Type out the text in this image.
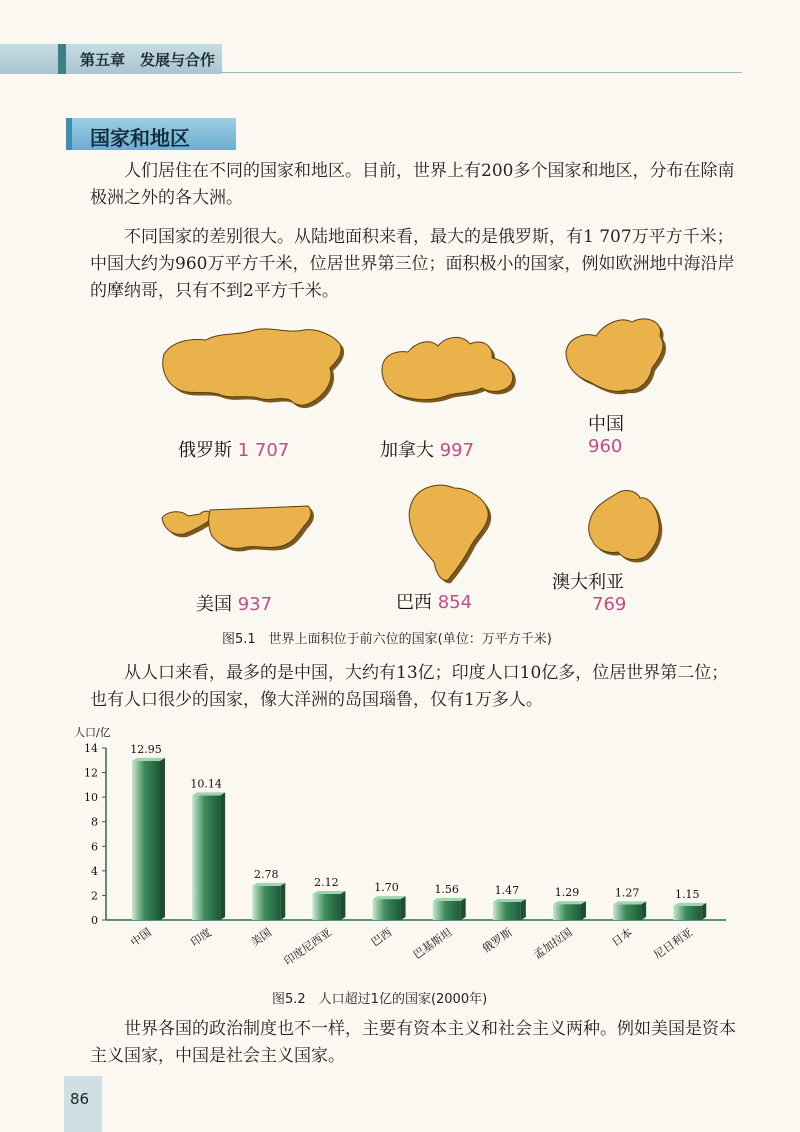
第五章　发展与合作
国家和地区
人们居住在不同的国家和地区。目前，世界上有200多个国家和地区，分布在除南极洲之外的各大洲。
不同国家的差别很大。从陆地面积来看，最大的是俄罗斯，有1 707万平方千米；中国大约为960万平方千米，位居世界第三位；面积极小的国家，例如欧洲地中海沿岸的摩纳哥，只有不到2平方千米。
俄罗斯 1 707	加拿大 997
中国
960
美国 937	巴西 854
澳大利亚
769
图5.1　世界上面积位于前六位的国家(单位：万平方千米)
从人口来看，最多的是中国，大约有13亿；印度人口10亿多，位居世界第二位；也有人口很少的国家，像大洋洲的岛国瑙鲁，仅有1万多人。
人口/亿
0
2
4
6
8
10
12
14	12.95
中国
10.14
印度
2.78
美国
2.12
印度尼西亚
1.70
巴西
1.56
巴基斯坦
1.47
俄罗斯
1.29
孟加拉国
1.27
日本
1.15
尼日利亚
图5.2　人口超过1亿的国家(2000年)
世界各国的政治制度也不一样，主要有资本主义和社会主义两种。例如美国是资本主义国家，中国是社会主义国家。
86
